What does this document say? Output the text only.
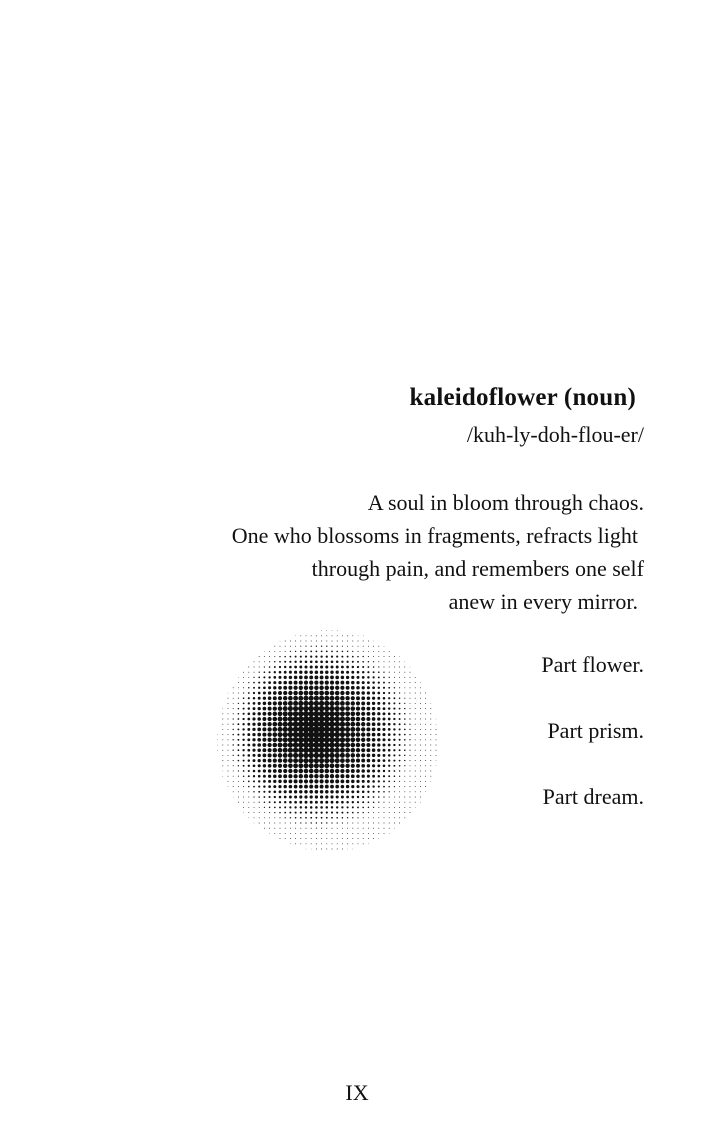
kaleidoflower (noun)

/kuh-ly-doh-flou-er/

A soul in bloom through chaos.
One who blossoms in fragments, refracts light
through pain, and remembers one self
anew in every mirror.
Part flower.
Part prism.
Part dream.
IX
